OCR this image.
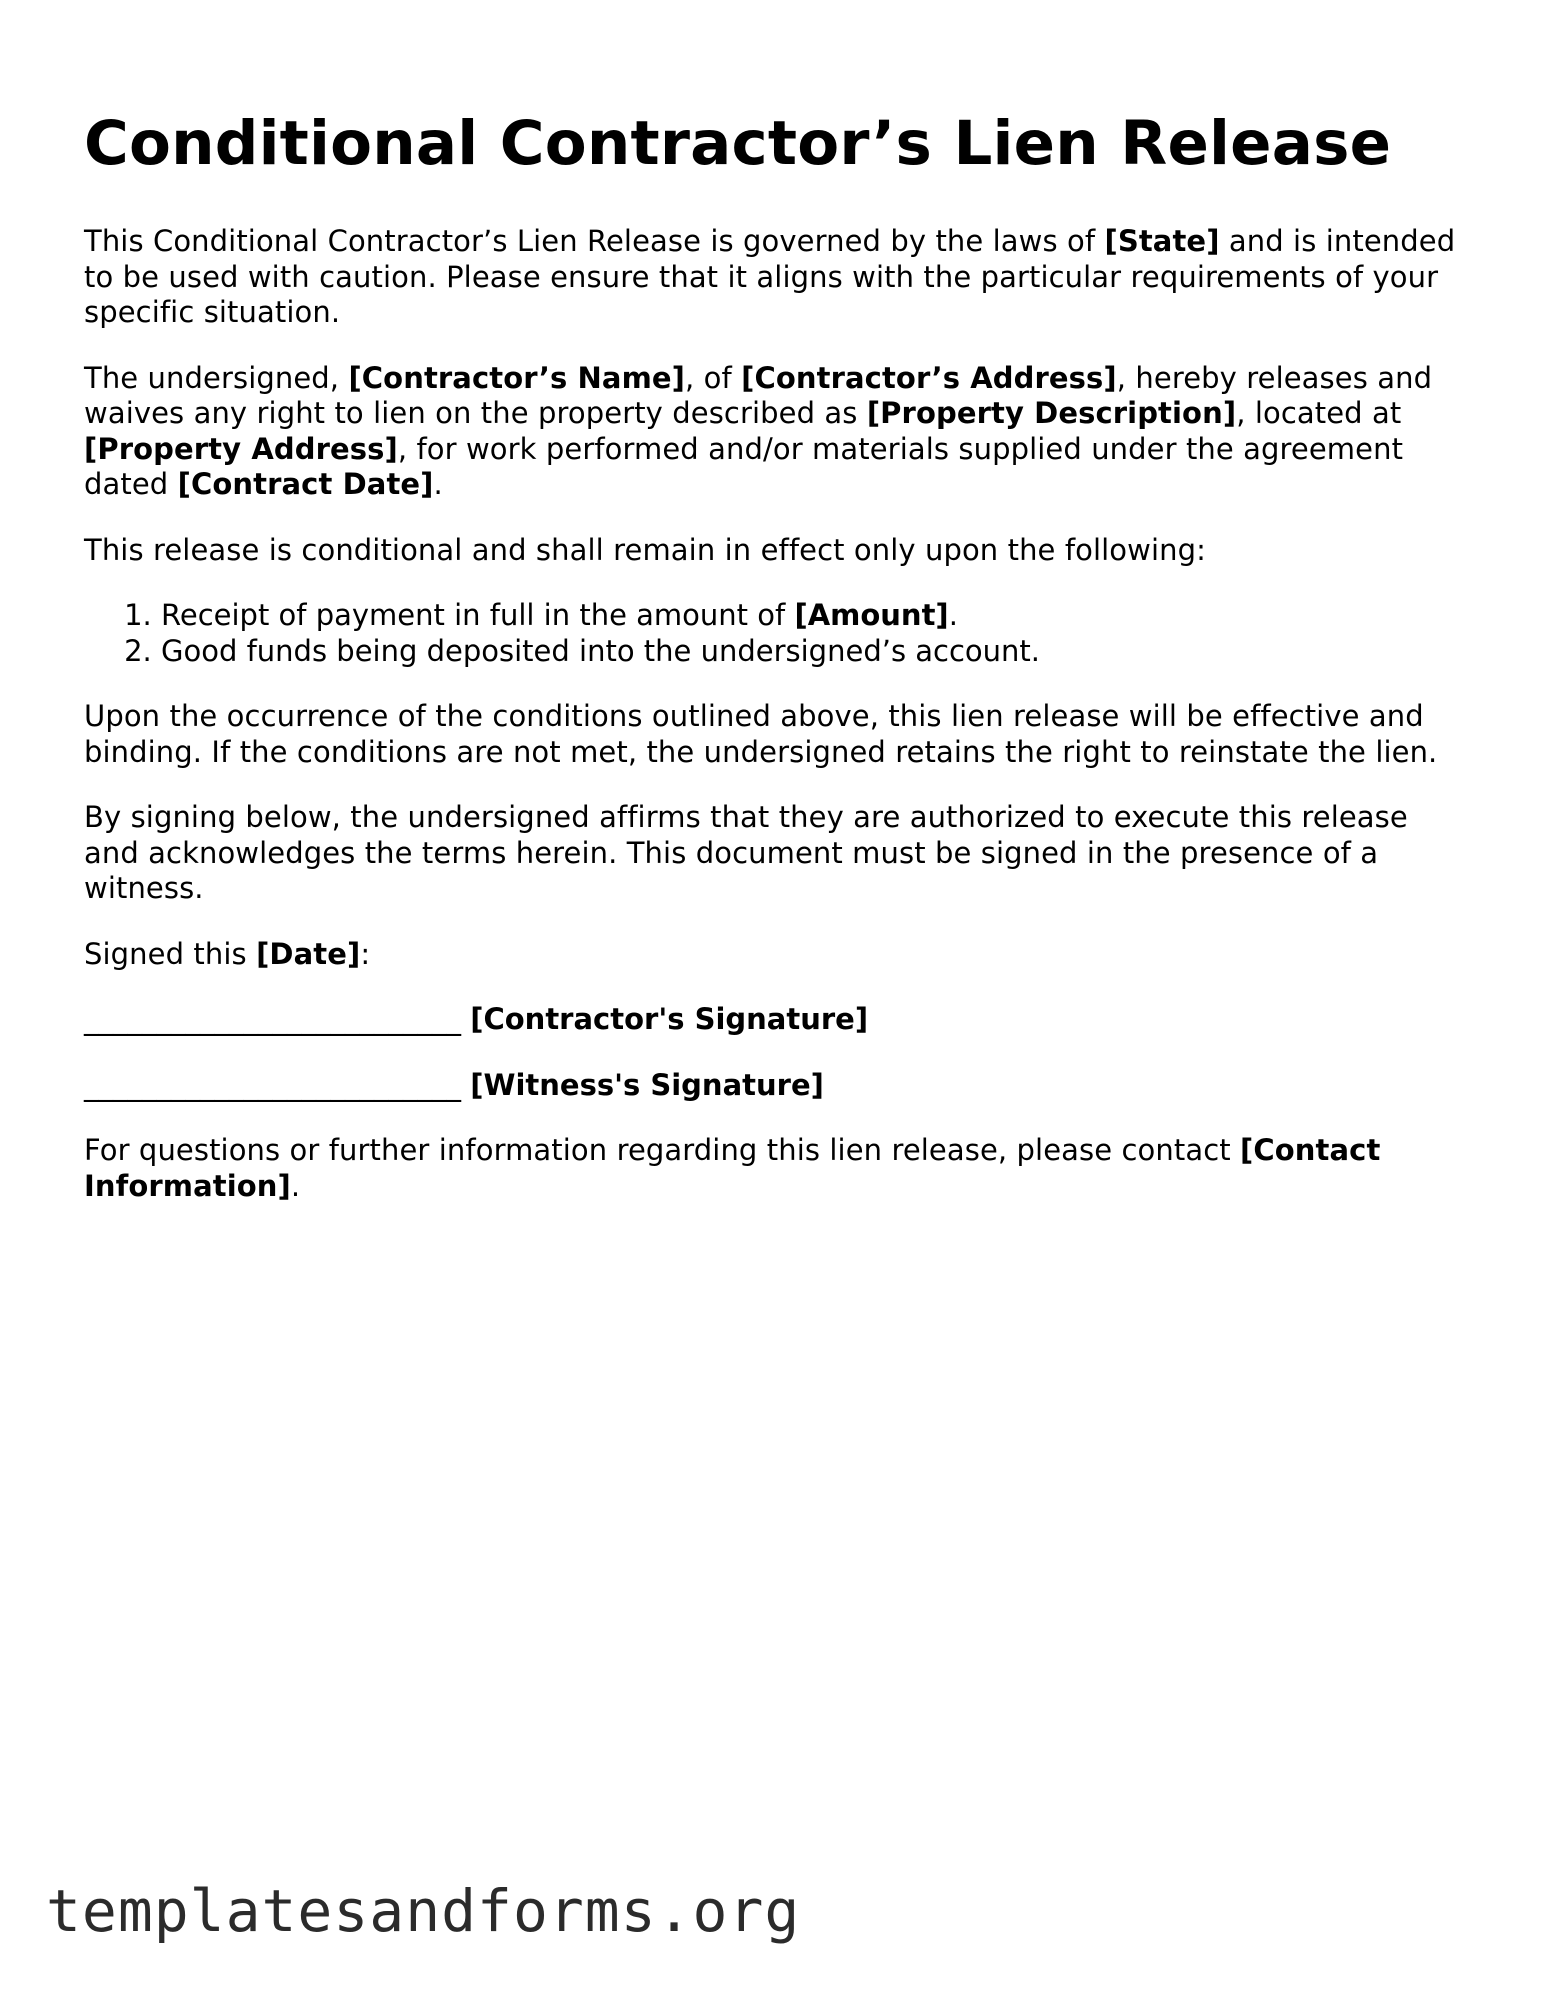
Conditional Contractor’s Lien Release

This Conditional Contractor’s Lien Release is governed by the laws of [State] and is intended to be used with caution. Please ensure that it aligns with the particular requirements of your specific situation.

The undersigned, [Contractor’s Name], of [Contractor’s Address], hereby releases and waives any right to lien on the property described as [Property Description], located at [Property Address], for work performed and/or materials supplied under the agreement dated [Contract Date].

This release is conditional and shall remain in effect only upon the following:

1. Receipt of payment in full in the amount of [Amount].
2. Good funds being deposited into the undersigned’s account.

Upon the occurrence of the conditions outlined above, this lien release will be effective and binding. If the conditions are not met, the undersigned retains the right to reinstate the lien.

By signing below, the undersigned affirms that they are authorized to execute this release and acknowledges the terms herein. This document must be signed in the presence of a witness.

Signed this [Date]:

__________________________ [Contractor's Signature]
__________________________ [Witness's Signature]

For questions or further information regarding this lien release, please contact [Contact Information].

templatesandforms.org
